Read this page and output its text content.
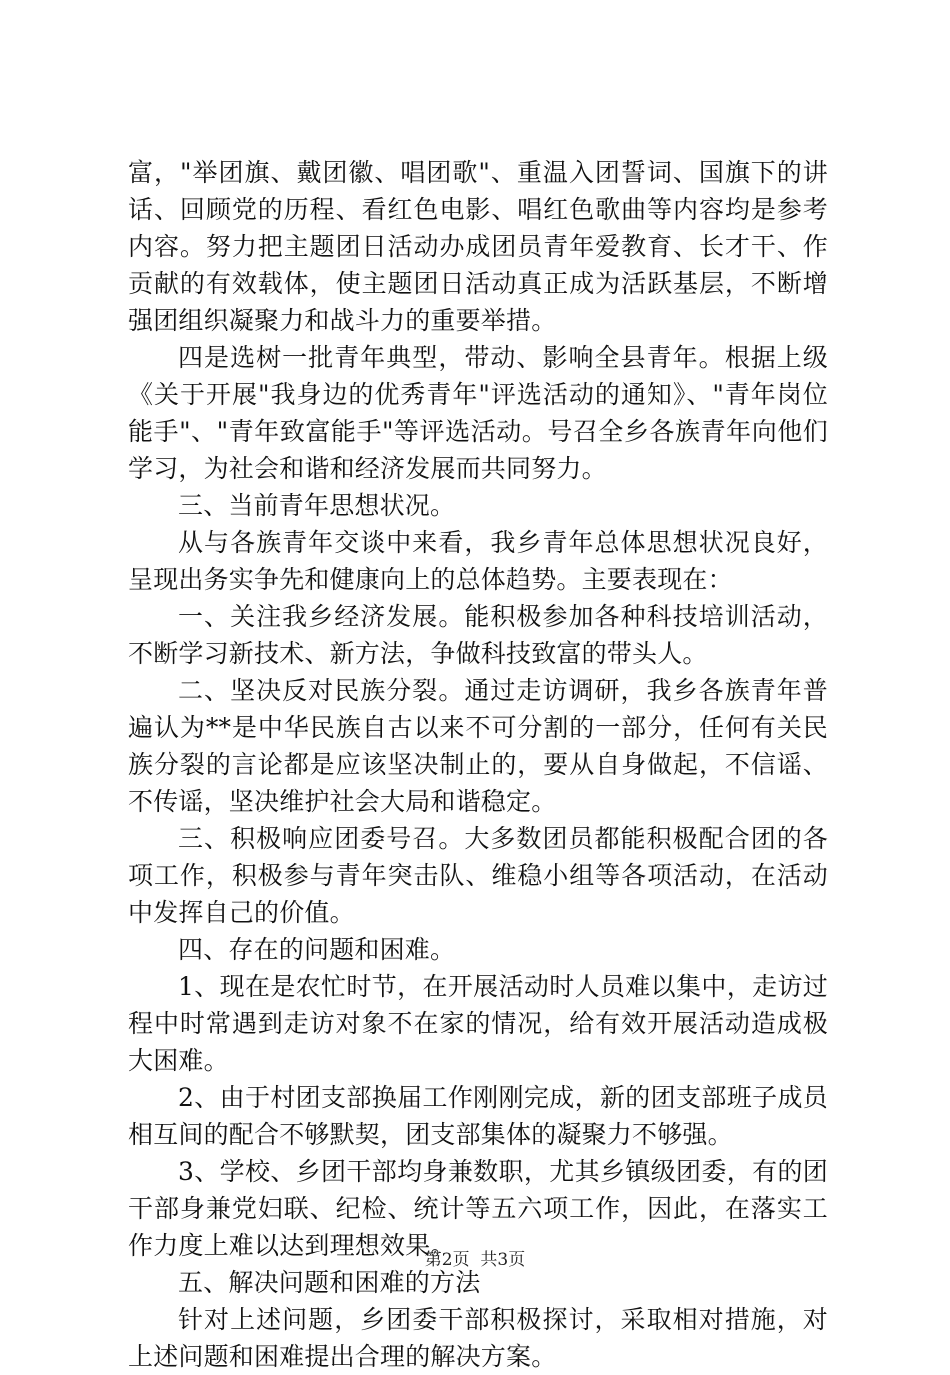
富，"举团旗、戴团徽、唱团歌"、重温入团誓词、国旗下的讲话、回顾党的历程、看红色电影、唱红色歌曲等内容均是参考内容。努力把主题团日活动办成团员青年爱教育、长才干、作贡献的有效载体，使主题团日活动真正成为活跃基层，不断增强团组织凝聚力和战斗力的重要举措。

四是选树一批青年典型，带动、影响全县青年。根据上级《关于开展"我身边的优秀青年"评选活动的通知》、"青年岗位能手"、"青年致富能手"等评选活动。号召全乡各族青年向他们学习，为社会和谐和经济发展而共同努力。

三、当前青年思想状况。

从与各族青年交谈中来看，我乡青年总体思想状况良好，呈现出务实争先和健康向上的总体趋势。主要表现在：

一、关注我乡经济发展。能积极参加各种科技培训活动，不断学习新技术、新方法，争做科技致富的带头人。

二、坚决反对民族分裂。通过走访调研，我乡各族青年普遍认为**是中华民族自古以来不可分割的一部分，任何有关民族分裂的言论都是应该坚决制止的，要从自身做起，不信谣、不传谣，坚决维护社会大局和谐稳定。

三、积极响应团委号召。大多数团员都能积极配合团的各项工作，积极参与青年突击队、维稳小组等各项活动，在活动中发挥自己的价值。

四、存在的问题和困难。

1、现在是农忙时节，在开展活动时人员难以集中，走访过程中时常遇到走访对象不在家的情况，给有效开展活动造成极大困难。

2、由于村团支部换届工作刚刚完成，新的团支部班子成员相互间的配合不够默契，团支部集体的凝聚力不够强。

3、学校、乡团干部均身兼数职，尤其乡镇级团委，有的团干部身兼党妇联、纪检、统计等五六项工作，因此，在落实工作力度上难以达到理想效果。

五、解决问题和困难的方法

针对上述问题，乡团委干部积极探讨，采取相对措施，对上述问题和困难提出合理的解决方案。

第2页  共3页
